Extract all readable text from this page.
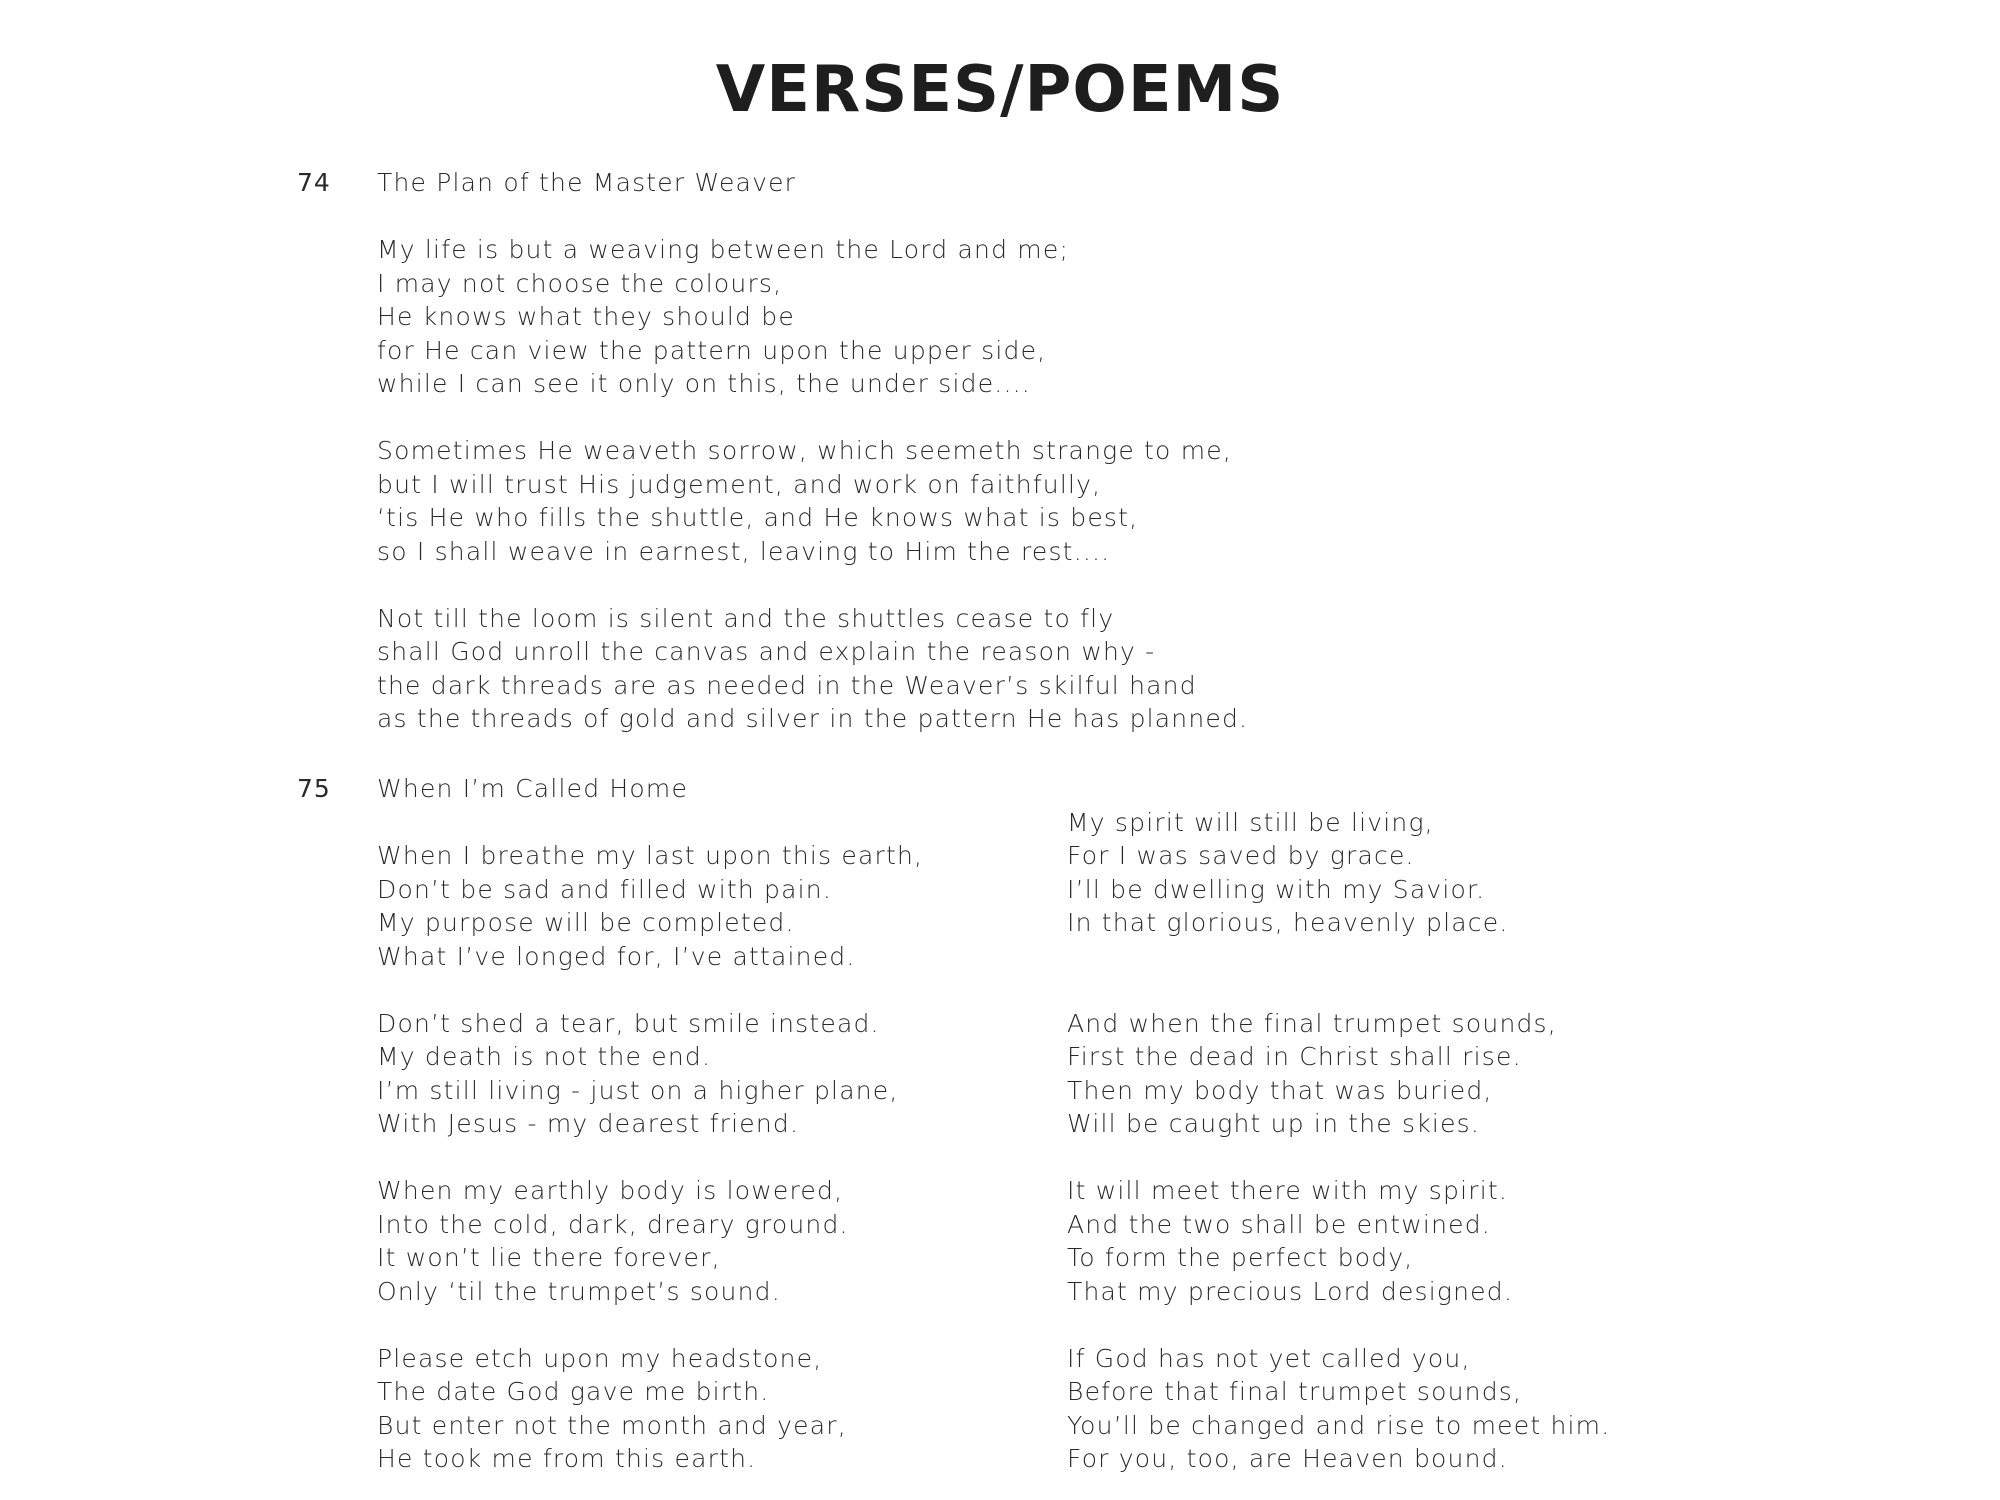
VERSES/POEMS
74 The Plan of the Master Weaver
My life is but a weaving between the Lord and me;
I may not choose the colours,
He knows what they should be
for He can view the pattern upon the upper side,
while I can see it only on this, the under side....
Sometimes He weaveth sorrow, which seemeth strange to me,
but I will trust His judgement, and work on faithfully,
‘tis He who fills the shuttle, and He knows what is best,
so I shall weave in earnest, leaving to Him the rest....
Not till the loom is silent and the shuttles cease to fly
shall God unroll the canvas and explain the reason why -
the dark threads are as needed in the Weaver’s skilful hand
as the threads of gold and silver in the pattern He has planned.
75 When I’m Called Home
When I breathe my last upon this earth,
Don’t be sad and filled with pain.
My purpose will be completed.
What I’ve longed for, I’ve attained.
Don’t shed a tear, but smile instead.
My death is not the end.
I’m still living - just on a higher plane,
With Jesus - my dearest friend.
When my earthly body is lowered,
Into the cold, dark, dreary ground.
It won’t lie there forever,
Only ‘til the trumpet’s sound.
Please etch upon my headstone,
The date God gave me birth.
But enter not the month and year,
He took me from this earth.
My spirit will still be living,
For I was saved by grace.
I’ll be dwelling with my Savior.
In that glorious, heavenly place.
And when the final trumpet sounds,
First the dead in Christ shall rise.
Then my body that was buried,
Will be caught up in the skies.
It will meet there with my spirit.
And the two shall be entwined.
To form the perfect body,
That my precious Lord designed.
If God has not yet called you,
Before that final trumpet sounds,
You’ll be changed and rise to meet him.
For you, too, are Heaven bound.
